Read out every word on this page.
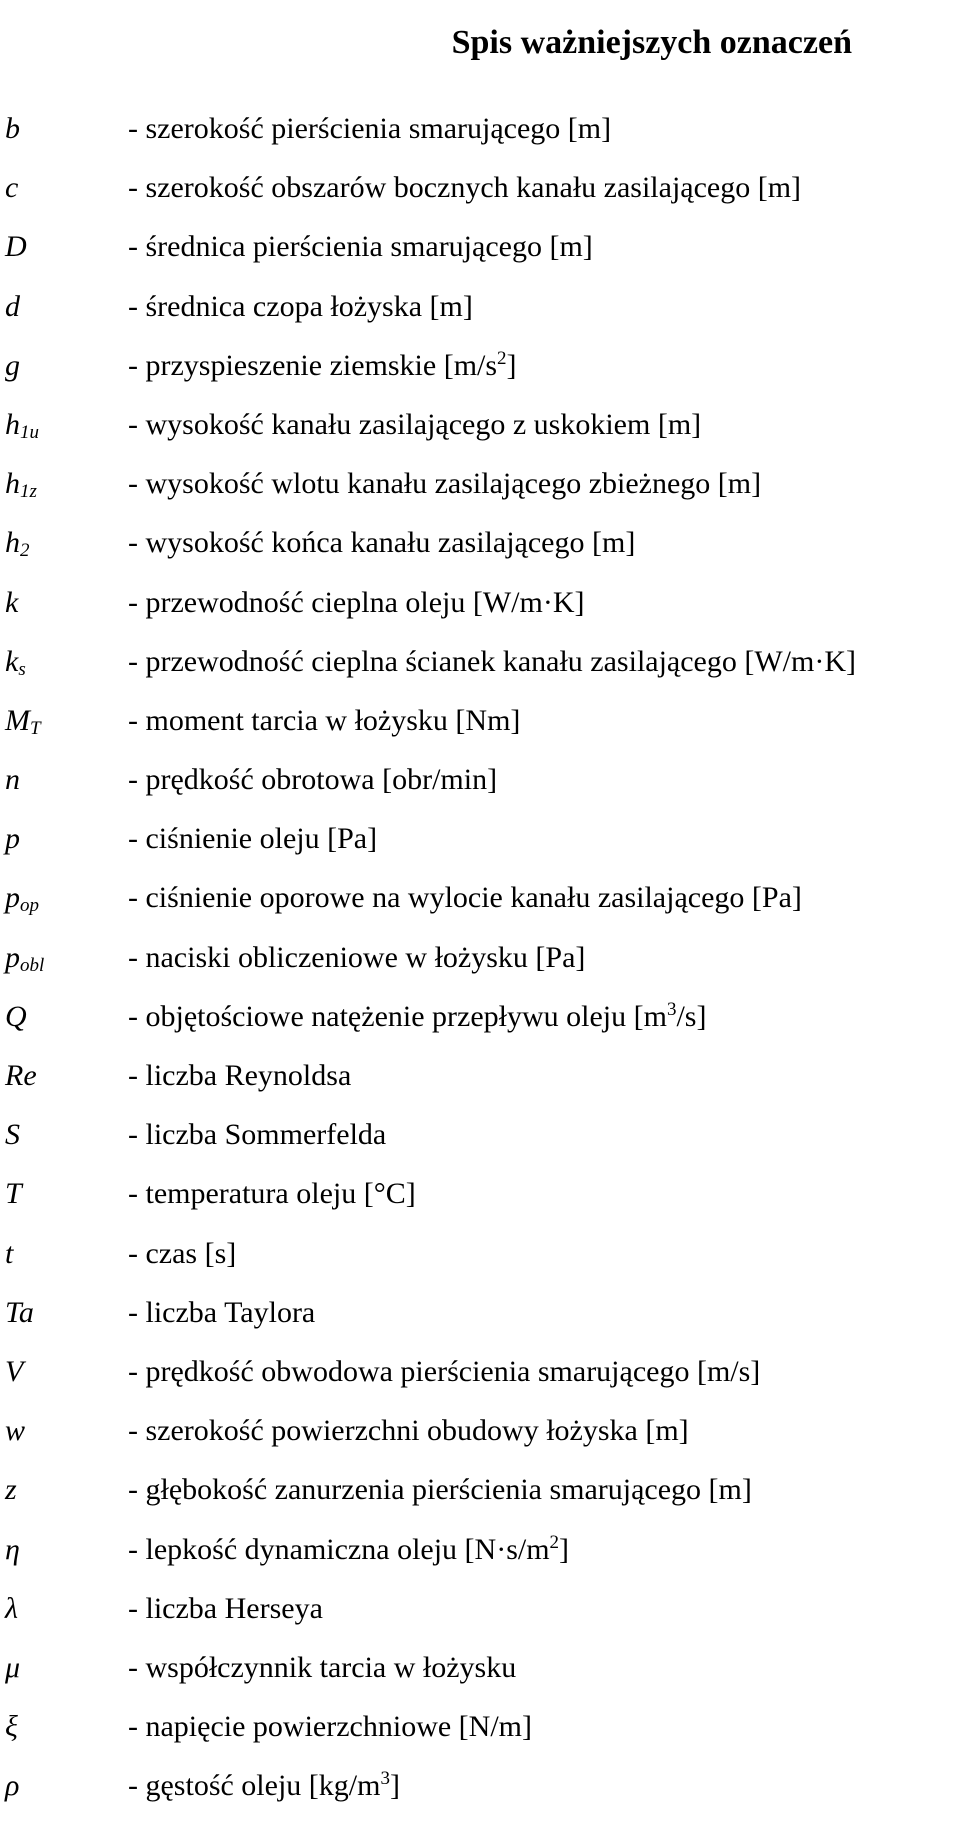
Spis ważniejszych oznaczeń
b	- szerokość pierścienia smarującego [m]
c	- szerokość obszarów bocznych kanału zasilającego [m]
D	- średnica pierścienia smarującego [m]
d	- średnica czopa łożyska [m]
g	- przyspieszenie ziemskie $[m/s^2]$
$h_{1u}$	- wysokość kanału zasilającego z uskokiem [m]
$h_{1z}$	- wysokość wlotu kanału zasilającego zbieżnego [m]
$h_2$	- wysokość końca kanału zasilającego [m]
k	- przewodność cieplna oleju [W/m·K]
$k_s$	- przewodność cieplna ścianek kanału zasilającego [W/m·K]
$M_T$	- moment tarcia w łożysku [Nm]
n	- prędkość obrotowa [obr/min]
p	- ciśnienie oleju [Pa]
$p_{op}$	- ciśnienie oporowe na wylocie kanału zasilającego [Pa]
$p_{obl}$	- naciski obliczeniowe w łożysku [Pa]
Q	- objętościowe natężenie przepływu oleju $[m^3/s]$
Re	- liczba Reynoldsa
S	- liczba Sommerfelda
T	- temperatura oleju [°C]
t	- czas [s]
Ta	- liczba Taylora
V	- prędkość obwodowa pierścienia smarującego [m/s]
w	- szerokość powierzchni obudowy łożyska [m]
z	- głębokość zanurzenia pierścienia smarującego [m]
η	- lepkość dynamiczna oleju $[N\cdot s/m^2]$
λ	- liczba Herseya
μ	- współczynnik tarcia w łożysku
ξ	- napięcie powierzchniowe [N/m]
ρ	- gęstość oleju $[kg/m^3]$
